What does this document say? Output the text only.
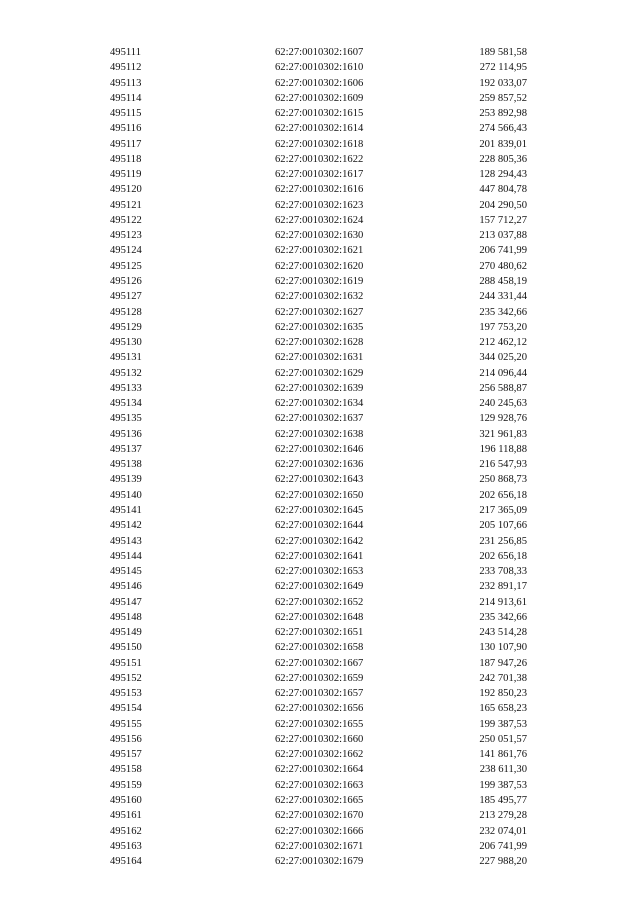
495111	62:27:0010302:1607	189 581,58
495112	62:27:0010302:1610	272 114,95
495113	62:27:0010302:1606	192 033,07
495114	62:27:0010302:1609	259 857,52
495115	62:27:0010302:1615	253 892,98
495116	62:27:0010302:1614	274 566,43
495117	62:27:0010302:1618	201 839,01
495118	62:27:0010302:1622	228 805,36
495119	62:27:0010302:1617	128 294,43
495120	62:27:0010302:1616	447 804,78
495121	62:27:0010302:1623	204 290,50
495122	62:27:0010302:1624	157 712,27
495123	62:27:0010302:1630	213 037,88
495124	62:27:0010302:1621	206 741,99
495125	62:27:0010302:1620	270 480,62
495126	62:27:0010302:1619	288 458,19
495127	62:27:0010302:1632	244 331,44
495128	62:27:0010302:1627	235 342,66
495129	62:27:0010302:1635	197 753,20
495130	62:27:0010302:1628	212 462,12
495131	62:27:0010302:1631	344 025,20
495132	62:27:0010302:1629	214 096,44
495133	62:27:0010302:1639	256 588,87
495134	62:27:0010302:1634	240 245,63
495135	62:27:0010302:1637	129 928,76
495136	62:27:0010302:1638	321 961,83
495137	62:27:0010302:1646	196 118,88
495138	62:27:0010302:1636	216 547,93
495139	62:27:0010302:1643	250 868,73
495140	62:27:0010302:1650	202 656,18
495141	62:27:0010302:1645	217 365,09
495142	62:27:0010302:1644	205 107,66
495143	62:27:0010302:1642	231 256,85
495144	62:27:0010302:1641	202 656,18
495145	62:27:0010302:1653	233 708,33
495146	62:27:0010302:1649	232 891,17
495147	62:27:0010302:1652	214 913,61
495148	62:27:0010302:1648	235 342,66
495149	62:27:0010302:1651	243 514,28
495150	62:27:0010302:1658	130 107,90
495151	62:27:0010302:1667	187 947,26
495152	62:27:0010302:1659	242 701,38
495153	62:27:0010302:1657	192 850,23
495154	62:27:0010302:1656	165 658,23
495155	62:27:0010302:1655	199 387,53
495156	62:27:0010302:1660	250 051,57
495157	62:27:0010302:1662	141 861,76
495158	62:27:0010302:1664	238 611,30
495159	62:27:0010302:1663	199 387,53
495160	62:27:0010302:1665	185 495,77
495161	62:27:0010302:1670	213 279,28
495162	62:27:0010302:1666	232 074,01
495163	62:27:0010302:1671	206 741,99
495164	62:27:0010302:1679	227 988,20
